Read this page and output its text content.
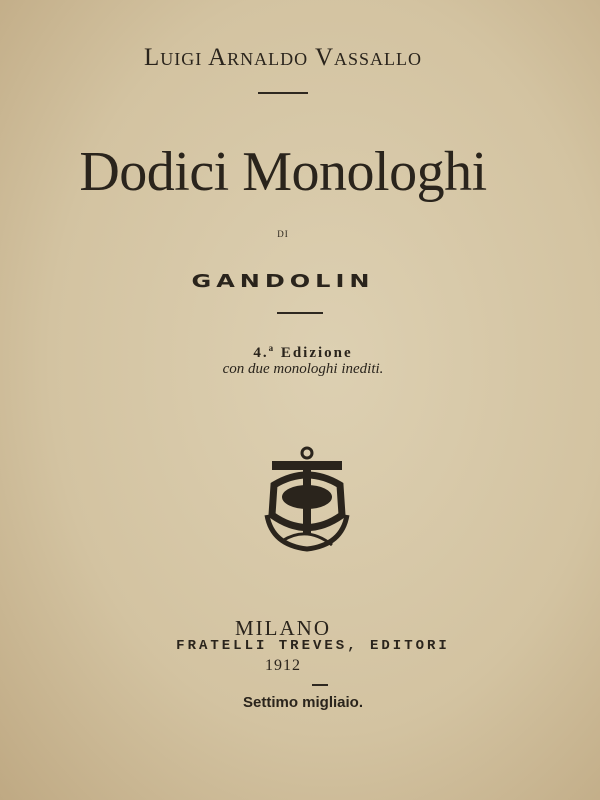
Luigi Arnaldo Vassallo
Dodici Monologhi
DI
GANDOLIN
4.$^a$ Edizione
con due monologhi inediti.
MILANO
FRATELLI TREVES, EDITORI
1912
Settimo migliaio.
